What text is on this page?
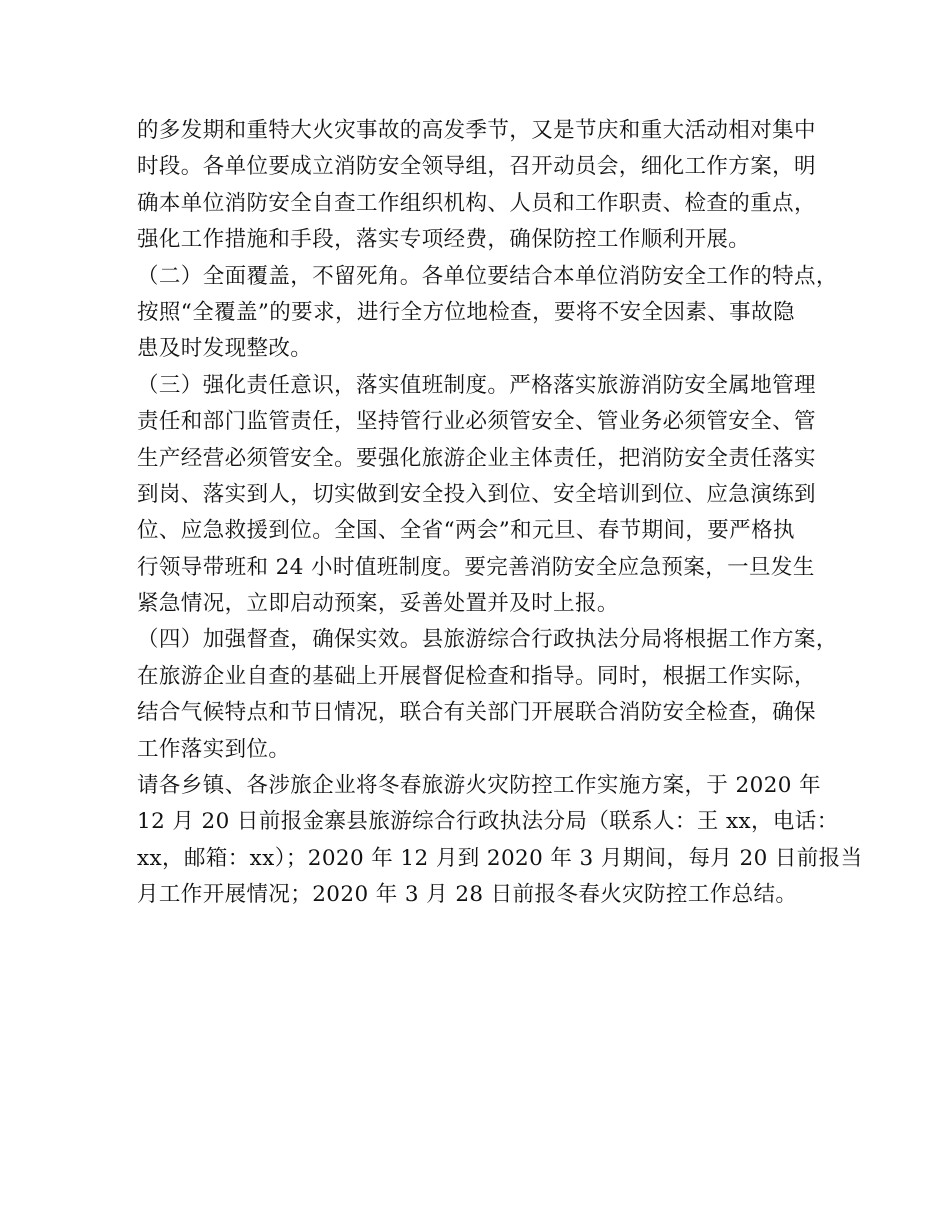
的多发期和重特大火灾事故的高发季节，又是节庆和重大活动相对集中
时段。各单位要成立消防安全领导组，召开动员会，细化工作方案，明
确本单位消防安全自查工作组织机构、人员和工作职责、检查的重点，
强化工作措施和手段，落实专项经费，确保防控工作顺利开展。
（二）全面覆盖，不留死角。各单位要结合本单位消防安全工作的特点，
按照“全覆盖”的要求，进行全方位地检查，要将不安全因素、事故隐
患及时发现整改。
（三）强化责任意识，落实值班制度。严格落实旅游消防安全属地管理
责任和部门监管责任，坚持管行业必须管安全、管业务必须管安全、管
生产经营必须管安全。要强化旅游企业主体责任，把消防安全责任落实
到岗、落实到人，切实做到安全投入到位、安全培训到位、应急演练到
位、应急救援到位。全国、全省“两会”和元旦、春节期间，要严格执
行领导带班和 24 小时值班制度。要完善消防安全应急预案，一旦发生
紧急情况，立即启动预案，妥善处置并及时上报。
（四）加强督查，确保实效。县旅游综合行政执法分局将根据工作方案，
在旅游企业自查的基础上开展督促检查和指导。同时，根据工作实际，
结合气候特点和节日情况，联合有关部门开展联合消防安全检查，确保
工作落实到位。
请各乡镇、各涉旅企业将冬春旅游火灾防控工作实施方案，于 2020 年
12 月 20 日前报金寨县旅游综合行政执法分局（联系人：王 xx，电话：
xx，邮箱：xx）；2020 年 12 月到 2020 年 3 月期间，每月 20 日前报当
月工作开展情况；2020 年 3 月 28 日前报冬春火灾防控工作总结。
